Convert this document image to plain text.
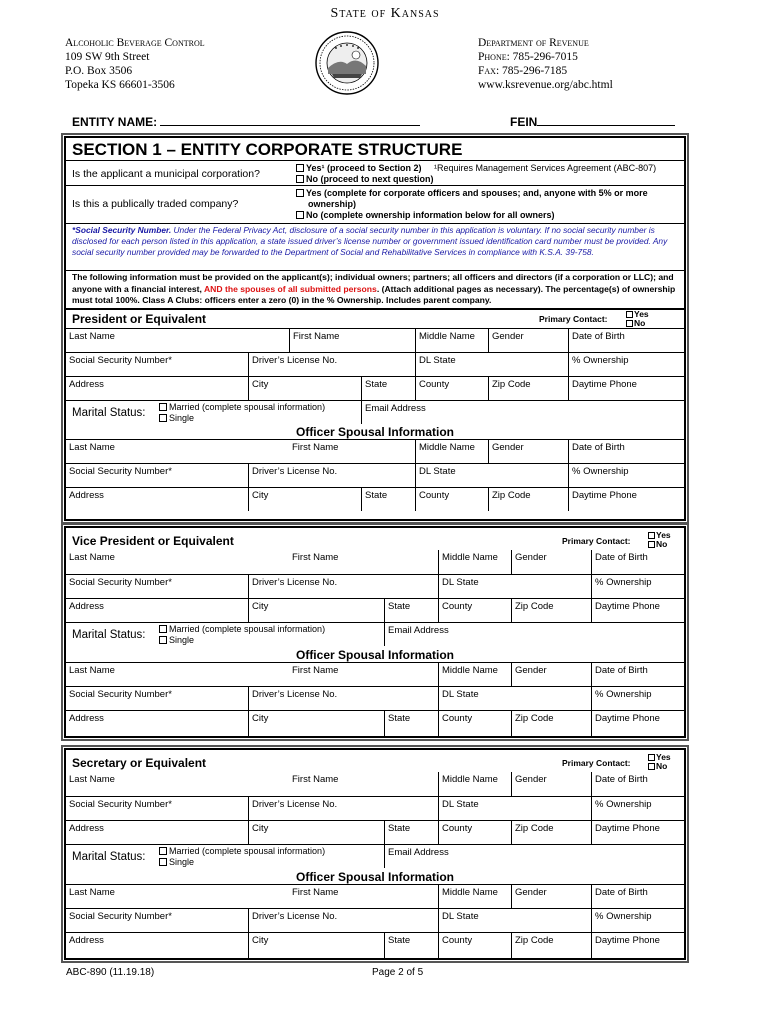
State of Kansas
Alcoholic Beverage Control
109 SW 9th Street
P.O. Box 3506
Topeka KS 66601-3506
Department of Revenue
Phone: 785-296-7015
Fax: 785-296-7185
www.ksrevenue.org/abc.html
ENTITY NAME:	FEIN
SECTION 1 – ENTITY CORPORATE STRUCTURE
Is the applicant a municipal corporation?	Yes¹ (proceed to Section 2) ¹Requires Management Services Agreement (ABC-807)
No (proceed to next question)
Is this a publically traded company?
Yes (complete for corporate officers and spouses; and, anyone with 5% or more
ownership)
No (complete ownership information below for all owners)
*Social Security Number. Under the Federal Privacy Act, disclosure of a social security number in this application is voluntary. If no social security number is disclosed for each person listed in this application, a state issued driver’s license number or government issued identification card number must be provided. Any social security number provided may be forwarded to the Department of Social and Rehabilitative Services in compliance with K.S.A. 39-758.
The following information must be provided on the applicant(s); individual owners; partners; all officers and directors (if a corporation or LLC); and anyone with a financial interest, AND the spouses of all submitted persons. (Attach additional pages as necessary). The percentage(s) of ownership must total 100%. Class A Clubs: officers enter a zero (0) in the % Ownership. Includes parent company.
President or Equivalent	Primary Contact:	Yes
No
Last Name	First Name	Middle Name	Gender	Date of Birth
Social Security Number*	Driver’s License No.	DL State	% Ownership
Address	City	State	County	Zip Code	Daytime Phone
Marital Status:	Married (complete spousal information)
Single
Email Address
Officer Spousal Information
Last Name	First Name	Middle Name	Gender	Date of Birth
Social Security Number*	Driver’s License No.	DL State	% Ownership
Address	City	State	County	Zip Code	Daytime Phone
Vice President or Equivalent	Primary Contact:
Yes
No
Last Name	First Name	Middle Name	Gender	Date of Birth
Social Security Number*	Driver’s License No.	DL State	% Ownership
Address	City	State	County	Zip Code	Daytime Phone
Marital Status:	Married (complete spousal information)
Single
Email Address
Officer Spousal Information
Last Name	First Name	Middle Name	Gender	Date of Birth
Social Security Number*	Driver’s License No.	DL State	% Ownership
Address	City	State	County	Zip Code	Daytime Phone
Secretary or Equivalent	Primary Contact:
Yes
No
Last Name	First Name	Middle Name	Gender	Date of Birth
Social Security Number*	Driver’s License No.	DL State	% Ownership
Address	City	State	County	Zip Code	Daytime Phone
Marital Status:	Married (complete spousal information)
Single
Email Address
Officer Spousal Information
Last Name	First Name	Middle Name	Gender	Date of Birth
Social Security Number*	Driver’s License No.	DL State	% Ownership
Address	City	State	County	Zip Code	Daytime Phone
ABC-890 (11.19.18)	Page 2 of 5
